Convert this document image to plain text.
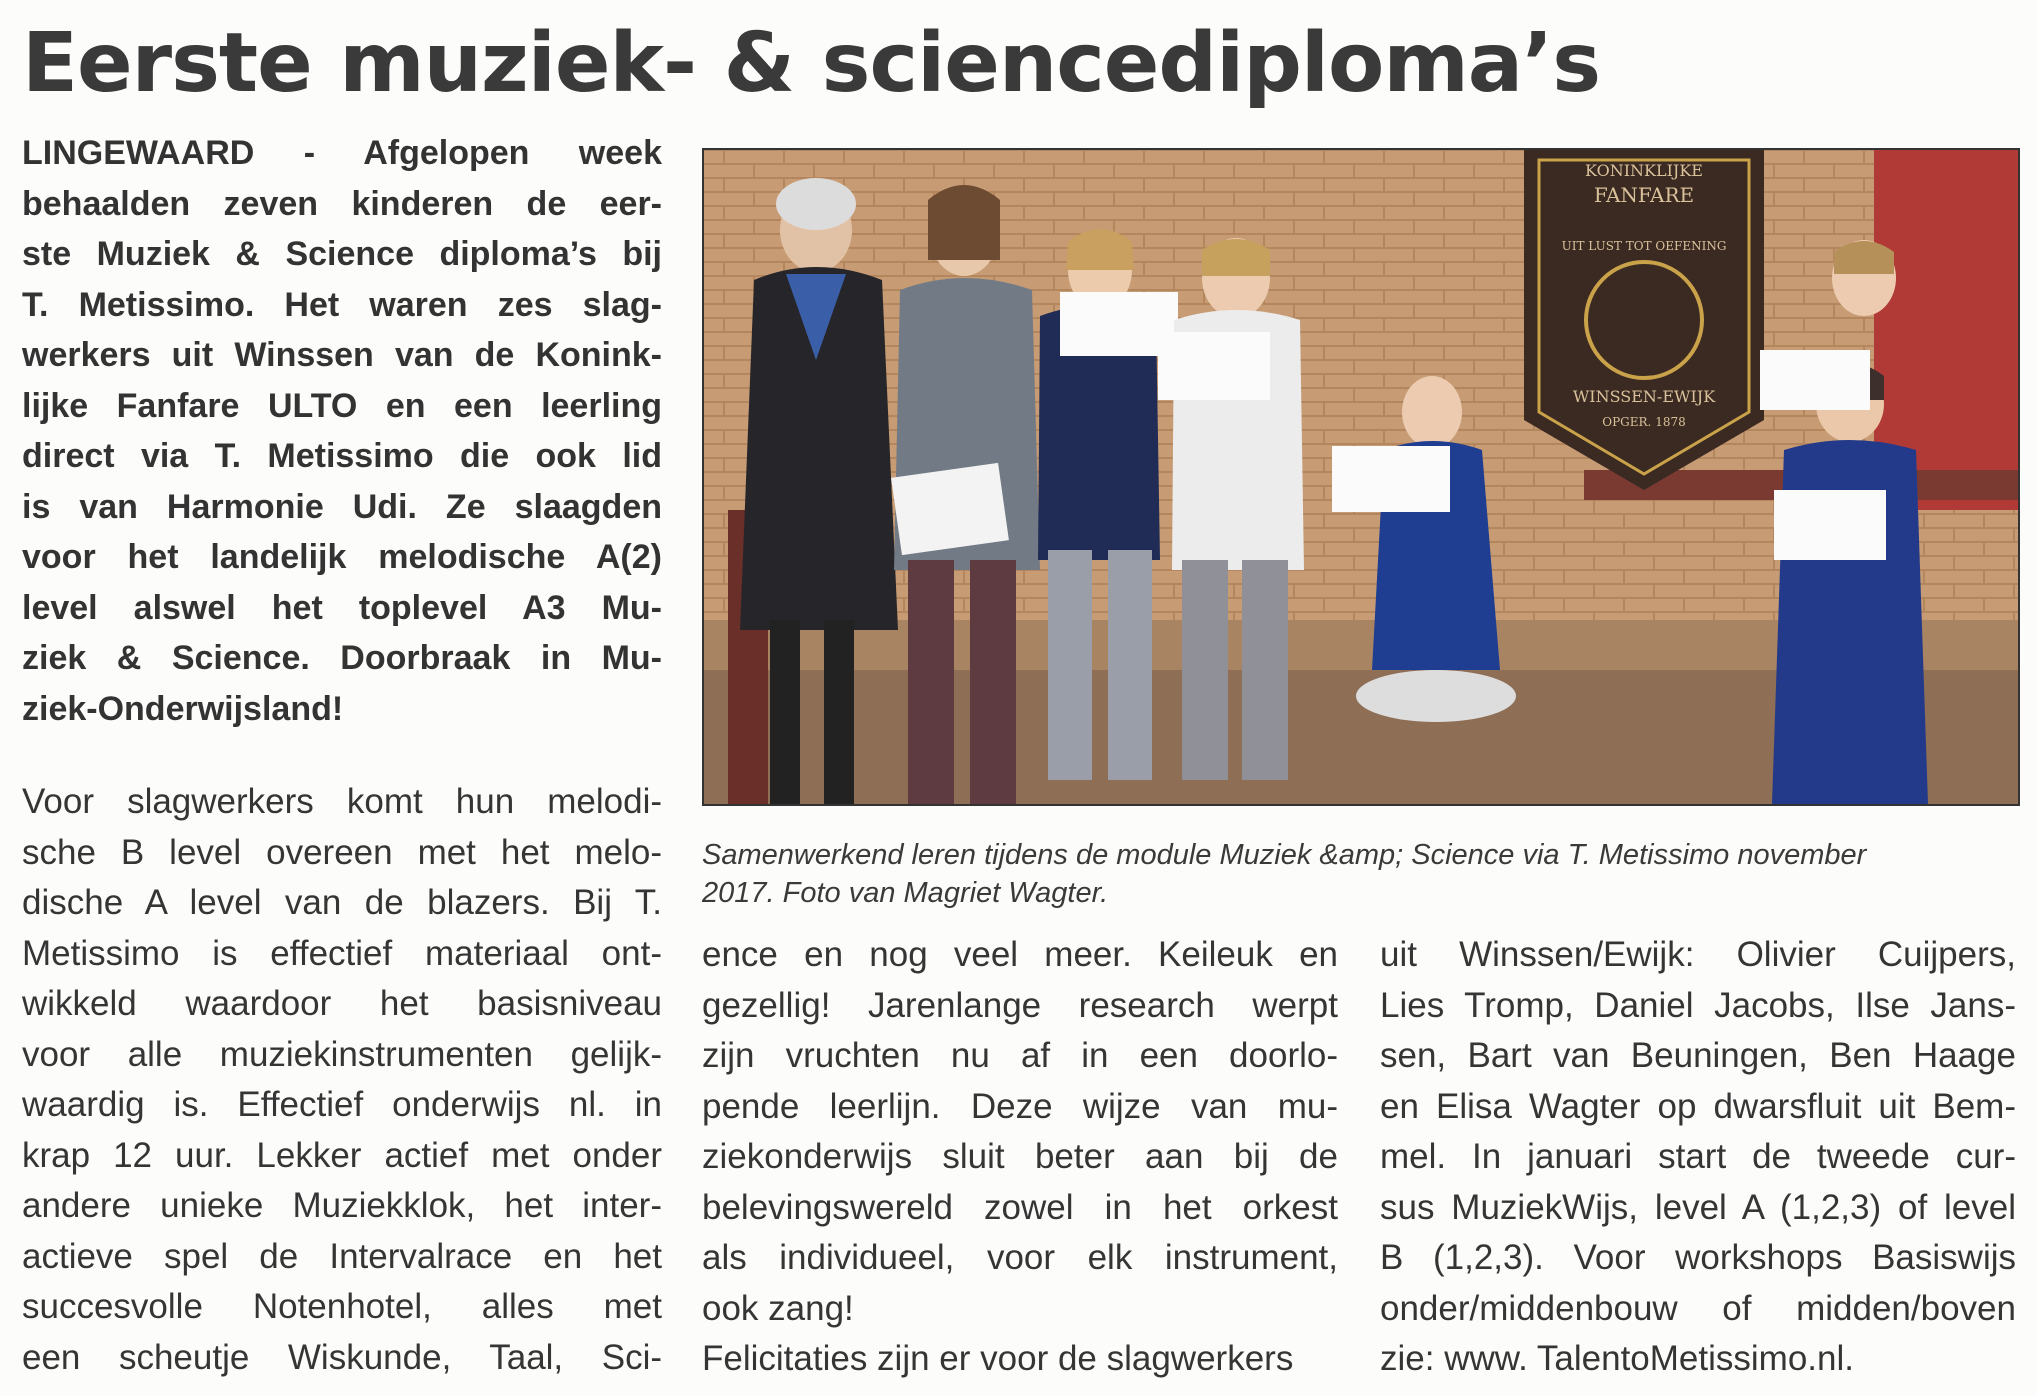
Eerste muziek- & sciencediploma’s
LINGEWAARD - Afgelopen week
behaalden zeven kinderen de eer-
ste Muziek & Science diploma’s bij
T. Metissimo. Het waren zes slag-
werkers uit Winssen van de Konink-
lijke Fanfare ULTO en een leerling
direct via T. Metissimo die ook lid
is van Harmonie Udi. Ze slaagden
voor het landelijk melodische A(2)
level alswel het toplevel A3 Mu-
ziek & Science. Doorbraak in Mu-
ziek-Onderwijsland!
Voor slagwerkers komt hun melodi-
sche B level overeen met het melo-
dische A level van de blazers. Bij T.
Metissimo is effectief materiaal ont-
wikkeld waardoor het basisniveau
voor alle muziekinstrumenten gelijk-
waardig is. Effectief onderwijs nl. in
krap 12 uur. Lekker actief met onder
andere unieke Muziekklok, het inter-
actieve spel de Intervalrace en het
succesvolle Notenhotel, alles met
een scheutje Wiskunde, Taal, Sci-
KONINKLIJKE
FANFARE
UIT LUST TOT OEFENING
WINSSEN-EWIJK
OPGER. 1878

Samenwerkend leren tijdens de module Muziek &amp; Science via T. Metissimo november
2017. Foto van Magriet Wagter.

ence en nog veel meer. Keileuk en
gezellig! Jarenlange research werpt
zijn vruchten nu af in een doorlo-
pende leerlijn. Deze wijze van mu-
ziekonderwijs sluit beter aan bij de
belevingswereld zowel in het orkest
als individueel, voor elk instrument,
ook zang!
Felicitaties zijn er voor de slagwerkers
uit Winssen/Ewijk: Olivier Cuijpers,
Lies Tromp, Daniel Jacobs, Ilse Jans-
sen, Bart van Beuningen, Ben Haage
en Elisa Wagter op dwarsfluit uit Bem-
mel. In januari start de tweede cur-
sus MuziekWijs, level A (1,2,3) of level
B (1,2,3). Voor workshops Basiswijs
onder/middenbouw of midden/boven
zie: www. TalentoMetissimo.nl.
